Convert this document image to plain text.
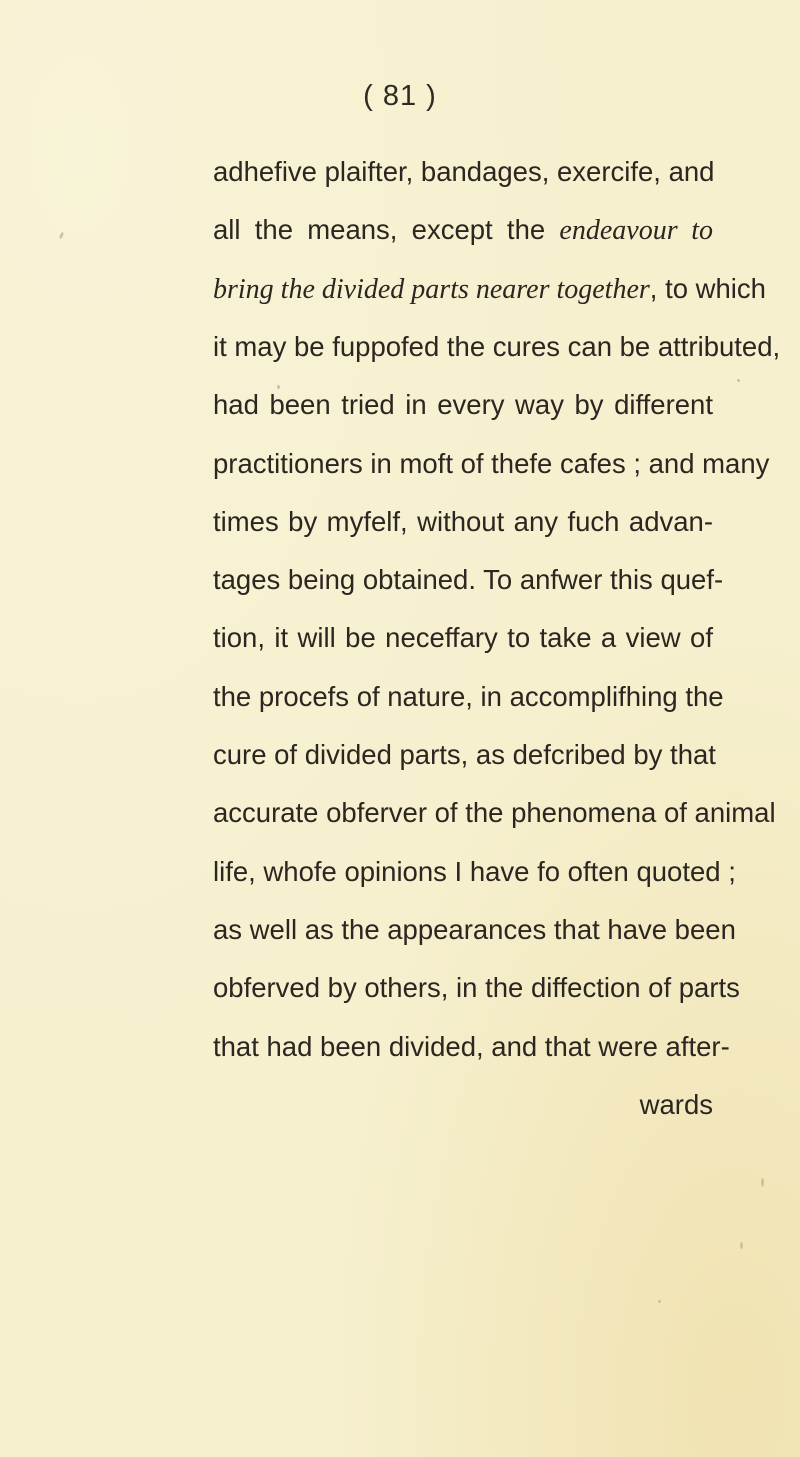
( 81 )
adhefive plaifter, bandages, exercife, and
all the means, except the endeavour to
bring the divided parts nearer together, to which
it may be fuppofed the cures can be attributed,
had been tried in every way by different
practitioners in moft of thefe cafes ; and many
times by myfelf, without any fuch advan-
tages being obtained. To anfwer this quef-
tion, it will be neceffary to take a view of
the procefs of nature, in accomplifhing the
cure of divided parts, as defcribed by that
accurate obferver of the phenomena of animal
life, whofe opinions I have fo often quoted ;
as well as the appearances that have been
obferved by others, in the diffection of parts
that had been divided, and that were after-
wards
